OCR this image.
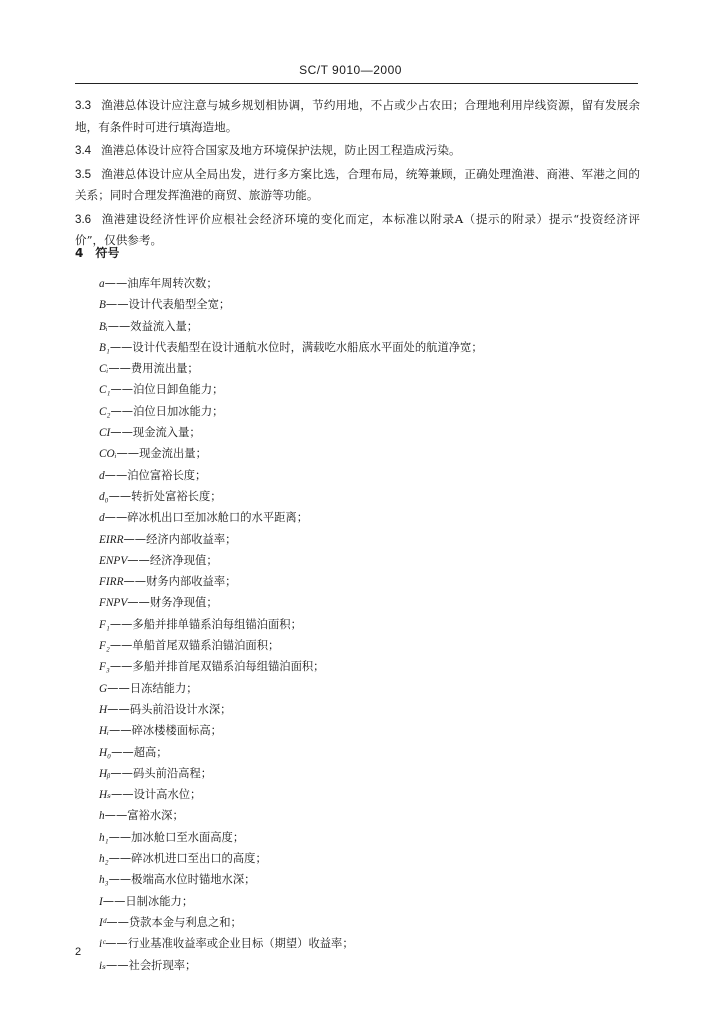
SC/T 9010—2000

3.3 渔港总体设计应注意与城乡规划相协调，节约用地，不占或少占农田；合理地利用岸线资源，留有发展余地，有条件时可进行填海造地。

3.4 渔港总体设计应符合国家及地方环境保护法规，防止因工程造成污染。

3.5 渔港总体设计应从全局出发，进行多方案比选，合理布局，统筹兼顾，正确处理渔港、商港、军港之间的关系；同时合理发挥渔港的商贸、旅游等功能。

3.6 渔港建设经济性评价应根社会经济环境的变化而定，本标准以附录A（提示的附录）提示“投资经济评价”，仅供参考。

4 符号
a——油库年周转次数；
B——设计代表船型全宽；
Bᵢ——效益流入量；
B₁——设计代表船型在设计通航水位时，满载吃水船底水平面处的航道净宽；
Cᵢ——费用流出量；
C₁——泊位日卸鱼能力；
C₂——泊位日加冰能力；
CI——现金流入量；
COᵢ——现金流出量；
d——泊位富裕长度；
d₀——转折处富裕长度；
d——碎冰机出口至加冰舱口的水平距离；
EIRR——经济内部收益率；
ENPV——经济净现值；
FIRR——财务内部收益率；
FNPV——财务净现值；
F₁——多船并排单锚系泊每组锚泊面积；
F₂——单船首尾双锚系泊锚泊面积；
F₃——多船并排首尾双锚系泊每组锚泊面积；
G——日冻结能力；
H——码头前沿设计水深；
Hᵢ——碎冰楼楼面标高；
H₀——超高；
Hᵦ——码头前沿高程；
Hₛ——设计高水位；
h——富裕水深；
h₁——加冰舱口至水面高度；
h₂——碎冰机进口至出口的高度；
h₃——极端高水位时锚地水深；
I——日制冰能力；
Iᵈ——贷款本金与利息之和；
iᶜ——行业基准收益率或企业目标（期望）收益率；
iₛ——社会折现率；
2
